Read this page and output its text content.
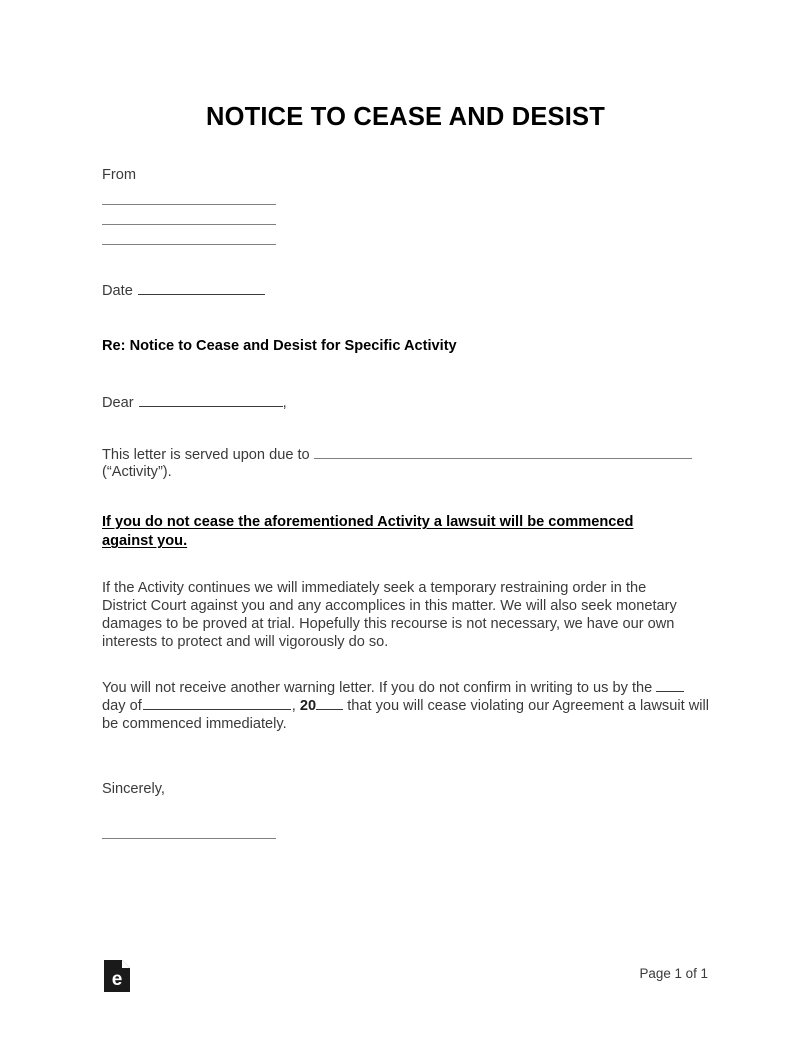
NOTICE TO CEASE AND DESIST
From
Date
Re: Notice to Cease and Desist for Specific Activity
Dear	,
This letter is served upon due to
(“Activity”).
If you do not cease the aforementioned Activity a lawsuit will be commenced against you.
If the Activity continues we will immediately seek a temporary restraining order in the District Court against you and any accomplices in this matter. We will also seek monetary damages to be proved at trial. Hopefully this recourse is not necessary, we have our own interests to protect and will vigorously do so.
You will not receive another warning letter. If you do not confirm in writing to us by the  day of	, 20 that you will cease violating our Agreement a lawsuit will be commenced immediately.
Sincerely,
e	Page 1 of 1
